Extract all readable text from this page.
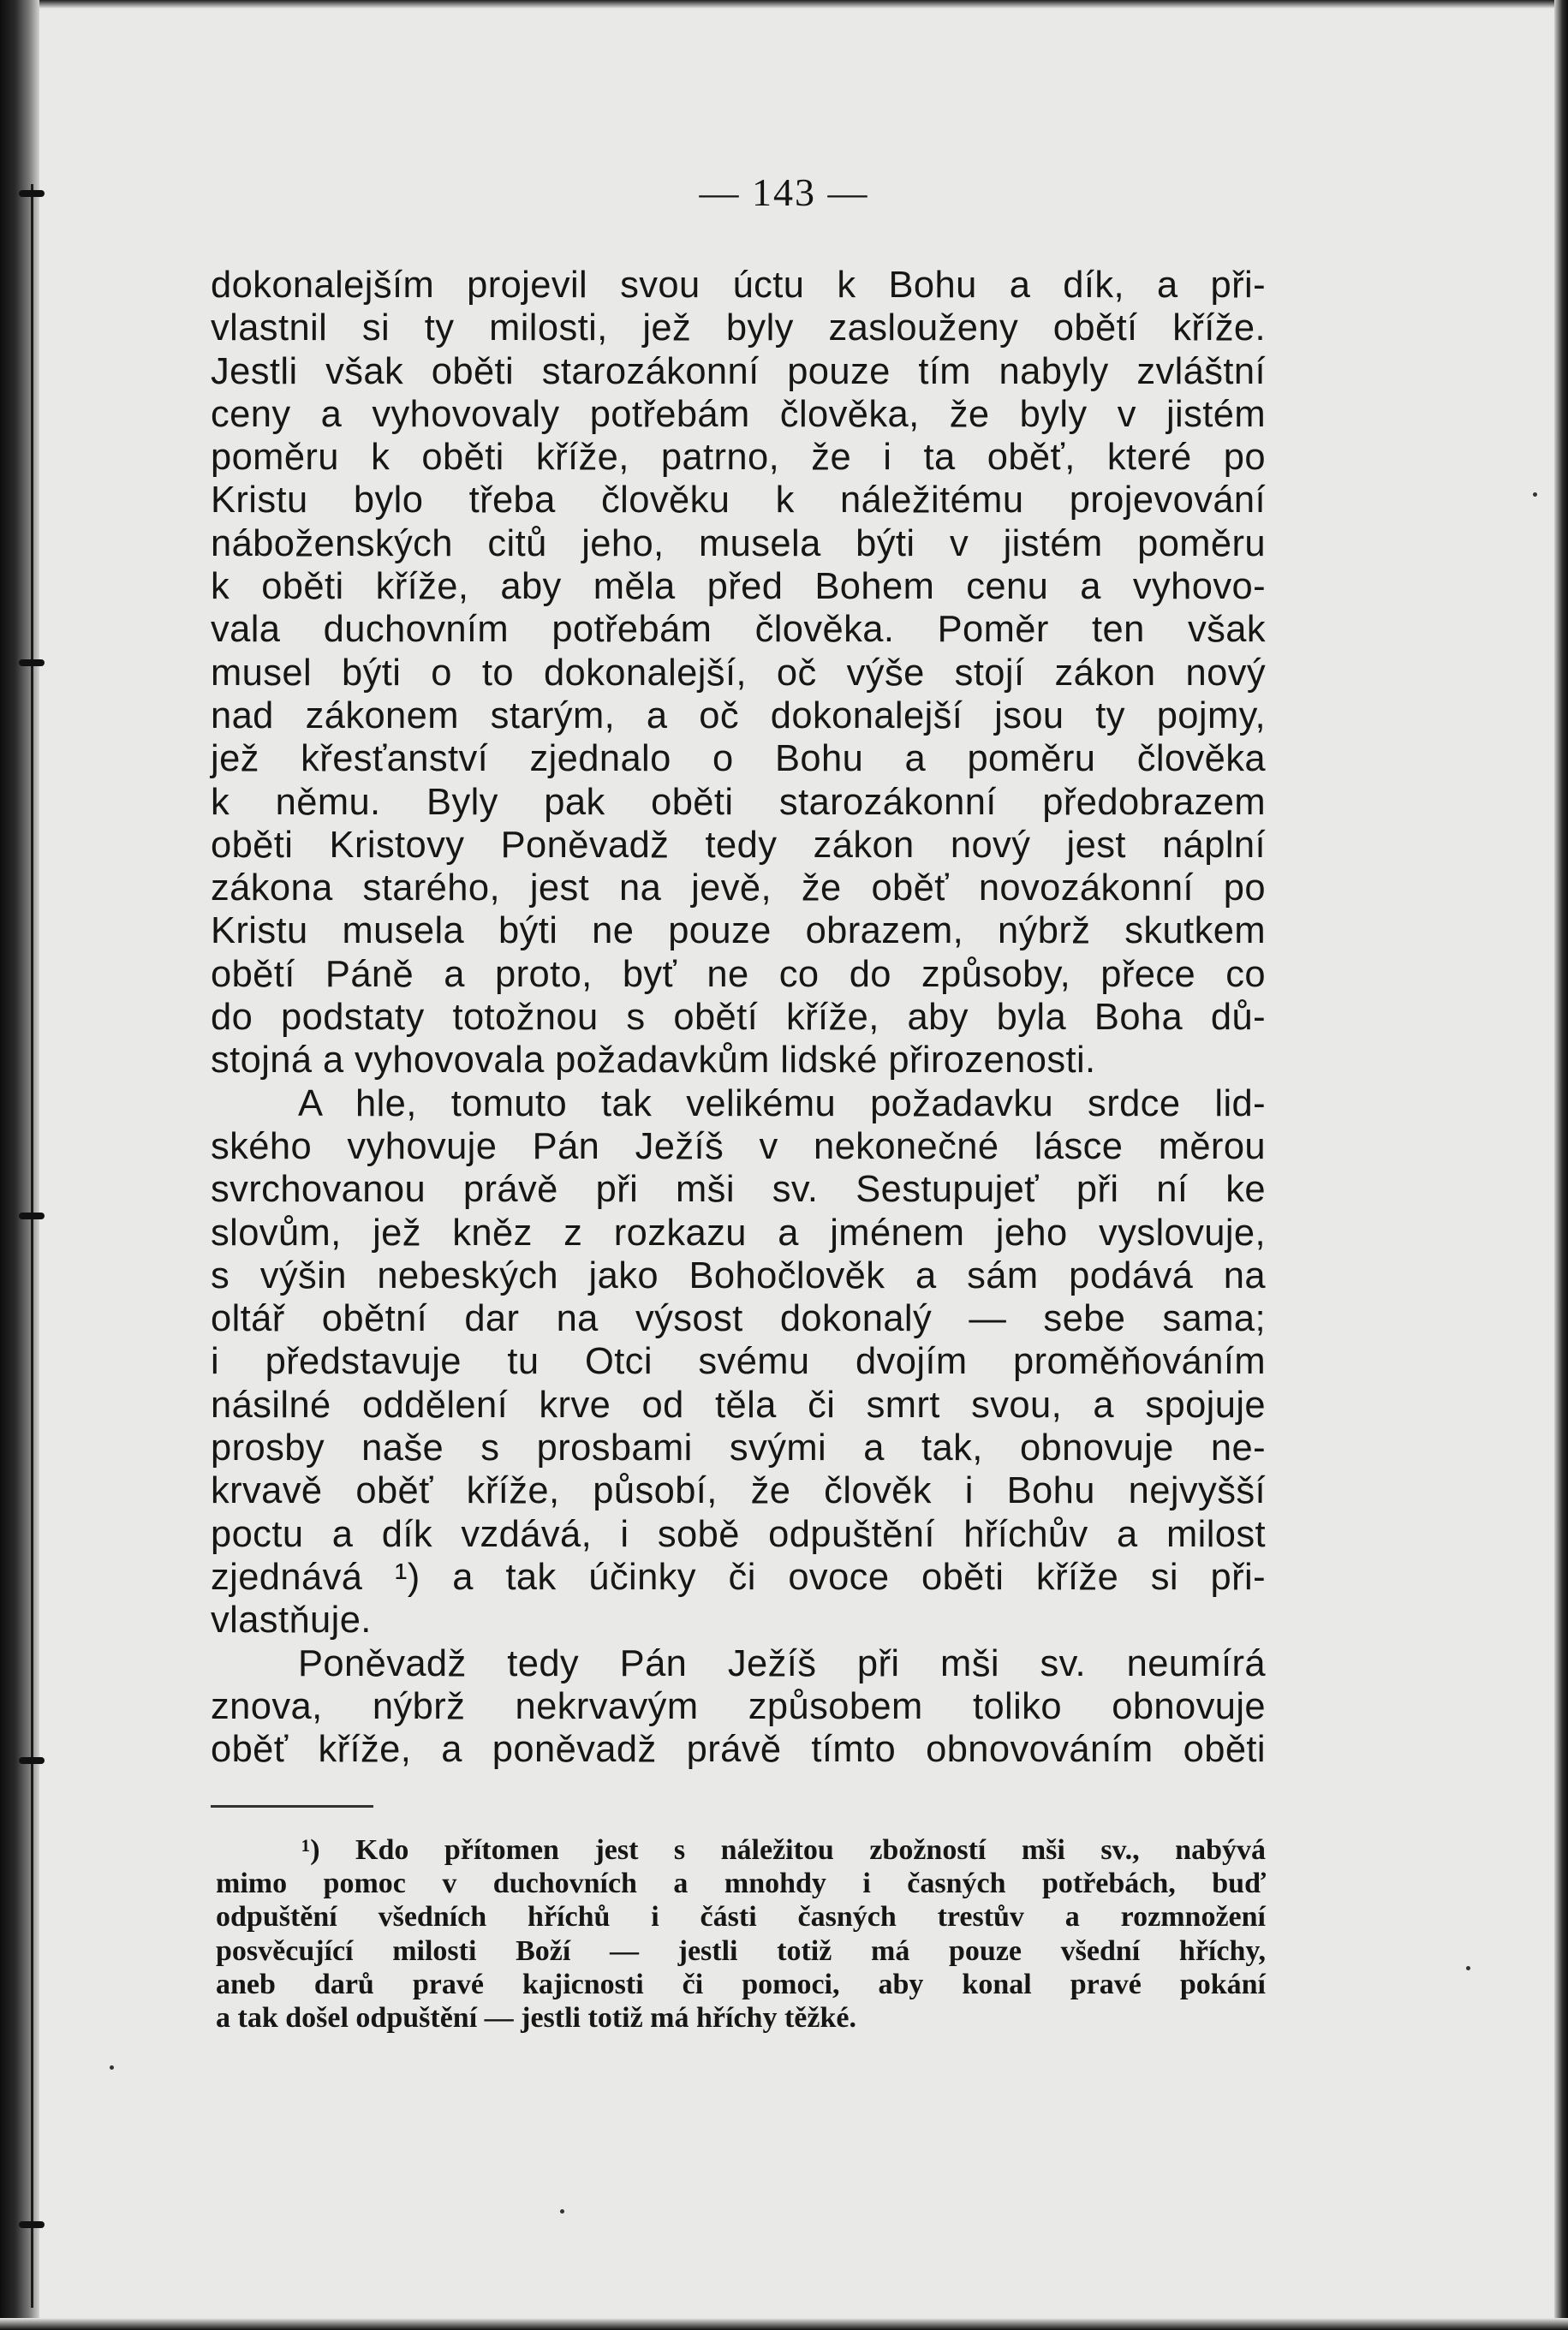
— 143 —
dokonalejším projevil svou úctu k Bohu a dík, a při-
vlastnil si ty milosti, jež byly zaslouženy obětí kříže.
Jestli však oběti starozákonní pouze tím nabyly zvláštní
ceny a vyhovovaly potřebám člověka, že byly v jistém
poměru k oběti kříže, patrno, že i ta oběť, které po
Kristu bylo třeba člověku k náležitému projevování
náboženských citů jeho, musela býti v jistém poměru
k oběti kříže, aby měla před Bohem cenu a vyhovo-
vala duchovním potřebám člověka. Poměr ten však
musel býti o to dokonalejší, oč výše stojí zákon nový
nad zákonem starým, a oč dokonalejší jsou ty pojmy,
jež křesťanství zjednalo o Bohu a poměru člověka
k němu. Byly pak oběti starozákonní předobrazem
oběti Kristovy Poněvadž tedy zákon nový jest náplní
zákona starého, jest na jevě, že oběť novozákonní po
Kristu musela býti ne pouze obrazem, nýbrž skutkem
obětí Páně a proto, byť ne co do způsoby, přece co
do podstaty totožnou s obětí kříže, aby byla Boha dů-
stojná a vyhovovala požadavkům lidské přirozenosti.
A hle, tomuto tak velikému požadavku srdce lid-
ského vyhovuje Pán Ježíš v nekonečné lásce měrou
svrchovanou právě při mši sv. Sestupujeť při ní ke
slovům, jež kněz z rozkazu a jménem jeho vyslovuje,
s výšin nebeských jako Bohočlověk a sám podává na
oltář obětní dar na výsost dokonalý — sebe sama;
i představuje tu Otci svému dvojím proměňováním
násilné oddělení krve od těla či smrt svou, a spojuje
prosby naše s prosbami svými a tak, obnovuje ne-
krvavě oběť kříže, působí, že člověk i Bohu nejvyšší
poctu a dík vzdává, i sobě odpuštění hříchův a milost
zjednává ¹) a tak účinky či ovoce oběti kříže si při-
vlastňuje.
Poněvadž tedy Pán Ježíš při mši sv. neumírá
znova, nýbrž nekrvavým způsobem toliko obnovuje
oběť kříže, a poněvadž právě tímto obnovováním oběti
¹) Kdo přítomen jest s náležitou zbožností mši sv., nabývá
mimo pomoc v duchovních a mnohdy i časných potřebách, buď
odpuštění všedních hříchů i části časných trestův a rozmnožení
posvěcující milosti Boží — jestli totiž má pouze všední hříchy,
aneb darů pravé kajicnosti či pomoci, aby konal pravé pokání
a tak došel odpuštění — jestli totiž má hříchy těžké.
